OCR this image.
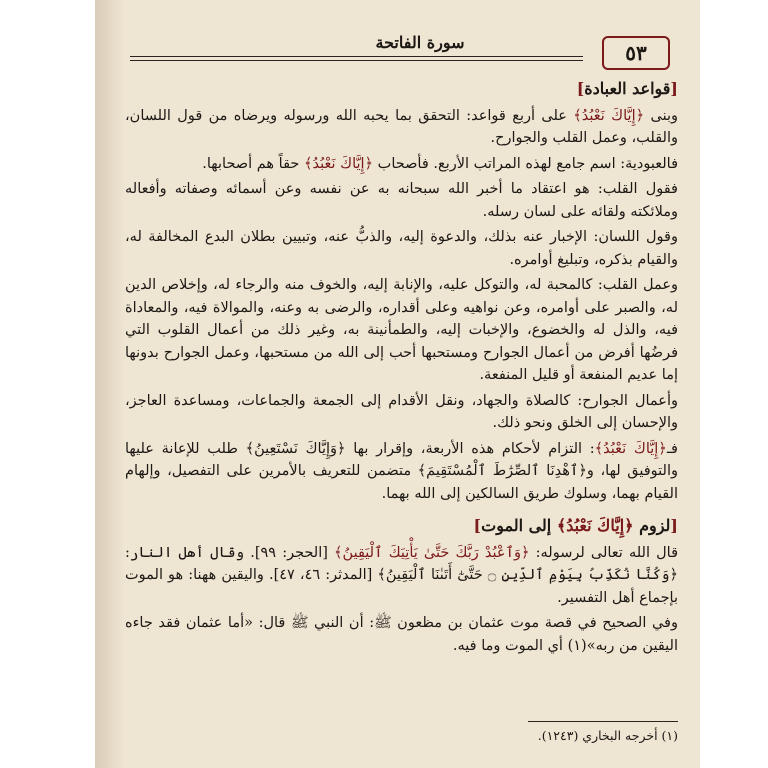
سورة الفاتحة	٥٣
[قواعد العبادة]

وبنى ﴿إِيَّاكَ نَعْبُدُ﴾ على أربع قواعد: التحقق بما يحبه الله ورسوله ويرضاه من قول اللسان، والقلب، وعمل القلب والجوارح.

فالعبودية: اسم جامع لهذه المراتب الأربع. فأصحاب ﴿إِيَّاكَ نَعْبُدُ﴾ حقاً هم أصحابها.

فقول القلب: هو اعتقاد ما أخبر الله سبحانه به عن نفسه وعن أسمائه وصفاته وأفعاله وملائكته ولقائه على لسان رسله.

وقول اللسان: الإخبار عنه بذلك، والدعوة إليه، والذبُّ عنه، وتبيين بطلان البدع المخالفة له، والقيام بذكره، وتبليغ أوامره.

وعمل القلب: كالمحبة له، والتوكل عليه، والإنابة إليه، والخوف منه والرجاء له، وإخلاص الدين له، والصبر على أوامره، وعن نواهيه وعلى أقداره، والرضى به وعنه، والموالاة فيه، والمعاداة فيه، والذل له والخضوع، والإخبات إليه، والطمأنينة به، وغير ذلك من أعمال القلوب التي فرضُها أفرض من أعمال الجوارح ومستحبها أحب إلى الله من مستحبها، وعمل الجوارح بدونها إما عديم المنفعة أو قليل المنفعة.

وأعمال الجوارح: كالصلاة والجهاد، ونقل الأقدام إلى الجمعة والجماعات، ومساعدة العاجز، والإحسان إلى الخلق ونحو ذلك.

فـ﴿إِيَّاكَ نَعْبُدُ﴾: التزام لأحكام هذه الأربعة، وإقرار بها ﴿وَإِيَّاكَ نَسْتَعِينُ﴾ طلب للإعانة عليها والتوفيق لها، و﴿ٱهْدِنَا ٱلصِّرَٰطَ ٱلْمُسْتَقِيمَ﴾ متضمن للتعريف بالأمرين على التفصيل، وإلهام القيام بهما، وسلوك طريق السالكين إلى الله بهما.

[لزوم ﴿إِيَّاكَ نَعْبُدُ﴾ إلى الموت]

قال الله تعالى لرسوله: ﴿وَٱعْبُدْ رَبَّكَ حَتَّىٰ يَأْتِيَكَ ٱلْيَقِينُ﴾ [الحجر: ٩٩]. وقال أهل النار: ﴿وَكُنَّا نُكَذِّبُ بِيَوْمِ ٱلدِّينِ ۝ حَتَّىٰٓ أَتَىٰنَا ٱلْيَقِينُ﴾ [المدثر: ٤٦، ٤٧]. واليقين ههنا: هو الموت بإجماع أهل التفسير.

وفي الصحيح في قصة موت عثمان بن مظعون ﷺ: أن النبي ﷺ قال: «أما عثمان فقد جاءه اليقين من ربه»(١) أي الموت وما فيه.

(١) أخرجه البخاري (١٢٤٣).
